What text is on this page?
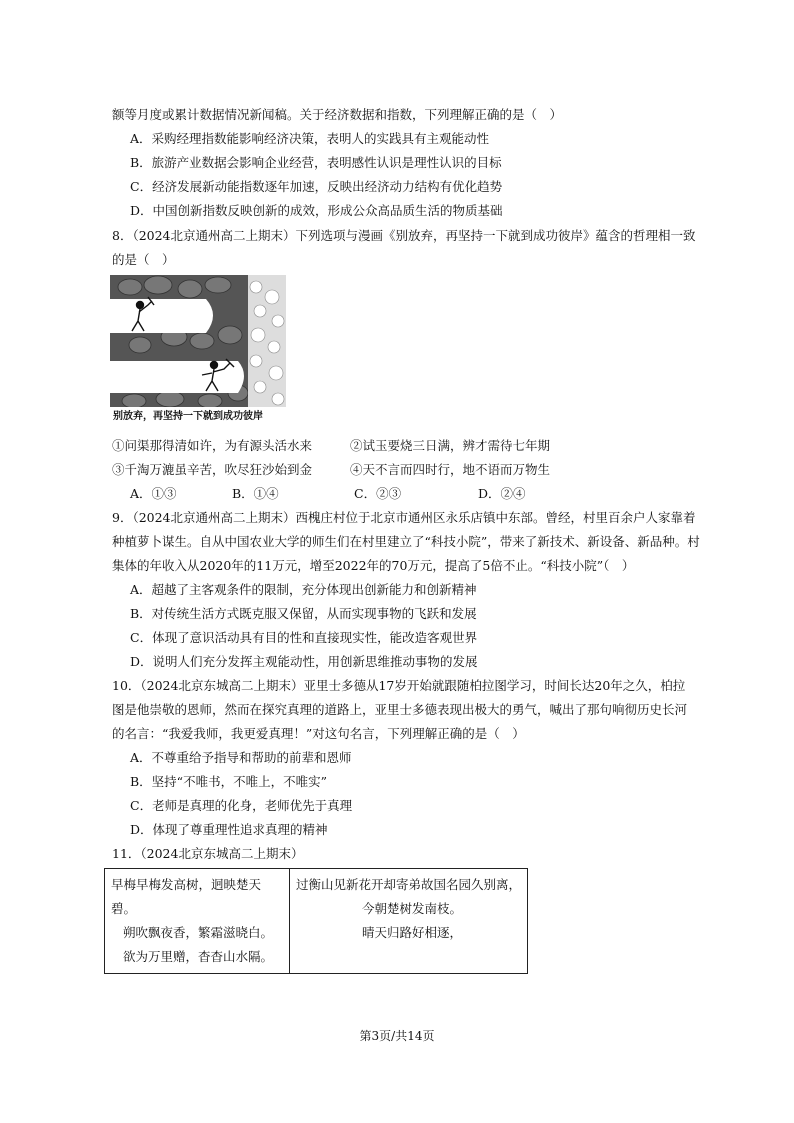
额等月度或累计数据情况新闻稿。关于经济数据和指数，下列理解正确的是（　）
A．采购经理指数能影响经济决策，表明人的实践具有主观能动性
B．旅游产业数据会影响企业经营，表明感性认识是理性认识的目标
C．经济发展新动能指数逐年加速，反映出经济动力结构有优化趋势
D．中国创新指数反映创新的成效，形成公众高品质生活的物质基础
8．（2024北京通州高二上期末）下列选项与漫画《别放弃，再坚持一下就到成功彼岸》蕴含的哲理相一致
的是（　）
别放弃，再坚持一下就到成功彼岸
①问渠那得清如许，为有源头活水来	②试玉要烧三日满，辨才需待七年期
③千淘万漉虽辛苦，吹尽狂沙始到金	④天不言而四时行，地不语而万物生
A．①③	B．①④	C．②③	D．②④
9．（2024北京通州高二上期末）西槐庄村位于北京市通州区永乐店镇中东部。曾经，村里百余户人家靠着
种植萝卜谋生。自从中国农业大学的师生们在村里建立了“科技小院”，带来了新技术、新设备、新品种。村
集体的年收入从2020年的11万元，增至2022年的70万元，提高了5倍不止。“科技小院”（　）
A．超越了主客观条件的限制，充分体现出创新能力和创新精神
B．对传统生活方式既克服又保留，从而实现事物的飞跃和发展
C．体现了意识活动具有目的性和直接现实性，能改造客观世界
D．说明人们充分发挥主观能动性，用创新思维推动事物的发展
10．（2024北京东城高二上期末）亚里士多德从17岁开始就跟随柏拉图学习，时间长达20年之久，柏拉
图是他崇敬的恩师，然而在探究真理的道路上，亚里士多德表现出极大的勇气，喊出了那句响彻历史长河
的名言：“我爱我师，我更爱真理！”对这句名言，下列理解正确的是（　）
A．不尊重给予指导和帮助的前辈和恩师
B．坚持“不唯书，不唯上，不唯实”
C．老师是真理的化身，老师优先于真理
D．体现了尊重理性追求真理的精神
11．（2024北京东城高二上期末）
早梅早梅发高树，迥映楚天碧。
朔吹飘夜香，繁霜滋晓白。
欲为万里赠，杳杳山水隔。

过衡山见新花开却寄弟故国名园久别离，
今朝楚树发南枝。
晴天归路好相逐，
第3页/共14页
